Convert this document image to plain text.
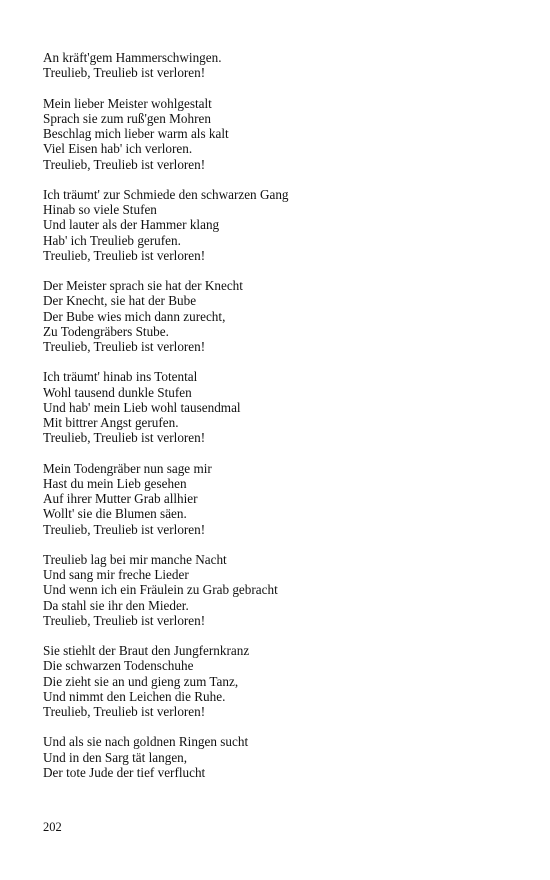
An kräft'gem Hammerschwingen.
Treulieb, Treulieb ist verloren!
Mein lieber Meister wohlgestalt
Sprach sie zum ruß'gen Mohren
Beschlag mich lieber warm als kalt
Viel Eisen hab' ich verloren.
Treulieb, Treulieb ist verloren!
Ich träumt' zur Schmiede den schwarzen Gang
Hinab so viele Stufen
Und lauter als der Hammer klang
Hab' ich Treulieb gerufen.
Treulieb, Treulieb ist verloren!
Der Meister sprach sie hat der Knecht
Der Knecht, sie hat der Bube
Der Bube wies mich dann zurecht,
Zu Todengräbers Stube.
Treulieb, Treulieb ist verloren!
Ich träumt' hinab ins Totental
Wohl tausend dunkle Stufen
Und hab' mein Lieb wohl tausendmal
Mit bittrer Angst gerufen.
Treulieb, Treulieb ist verloren!
Mein Todengräber nun sage mir
Hast du mein Lieb gesehen
Auf ihrer Mutter Grab allhier
Wollt' sie die Blumen säen.
Treulieb, Treulieb ist verloren!
Treulieb lag bei mir manche Nacht
Und sang mir freche Lieder
Und wenn ich ein Fräulein zu Grab gebracht
Da stahl sie ihr den Mieder.
Treulieb, Treulieb ist verloren!
Sie stiehlt der Braut den Jungfernkranz
Die schwarzen Todenschuhe
Die zieht sie an und gieng zum Tanz,
Und nimmt den Leichen die Ruhe.
Treulieb, Treulieb ist verloren!
Und als sie nach goldnen Ringen sucht
Und in den Sarg tät langen,
Der tote Jude der tief verflucht
202
